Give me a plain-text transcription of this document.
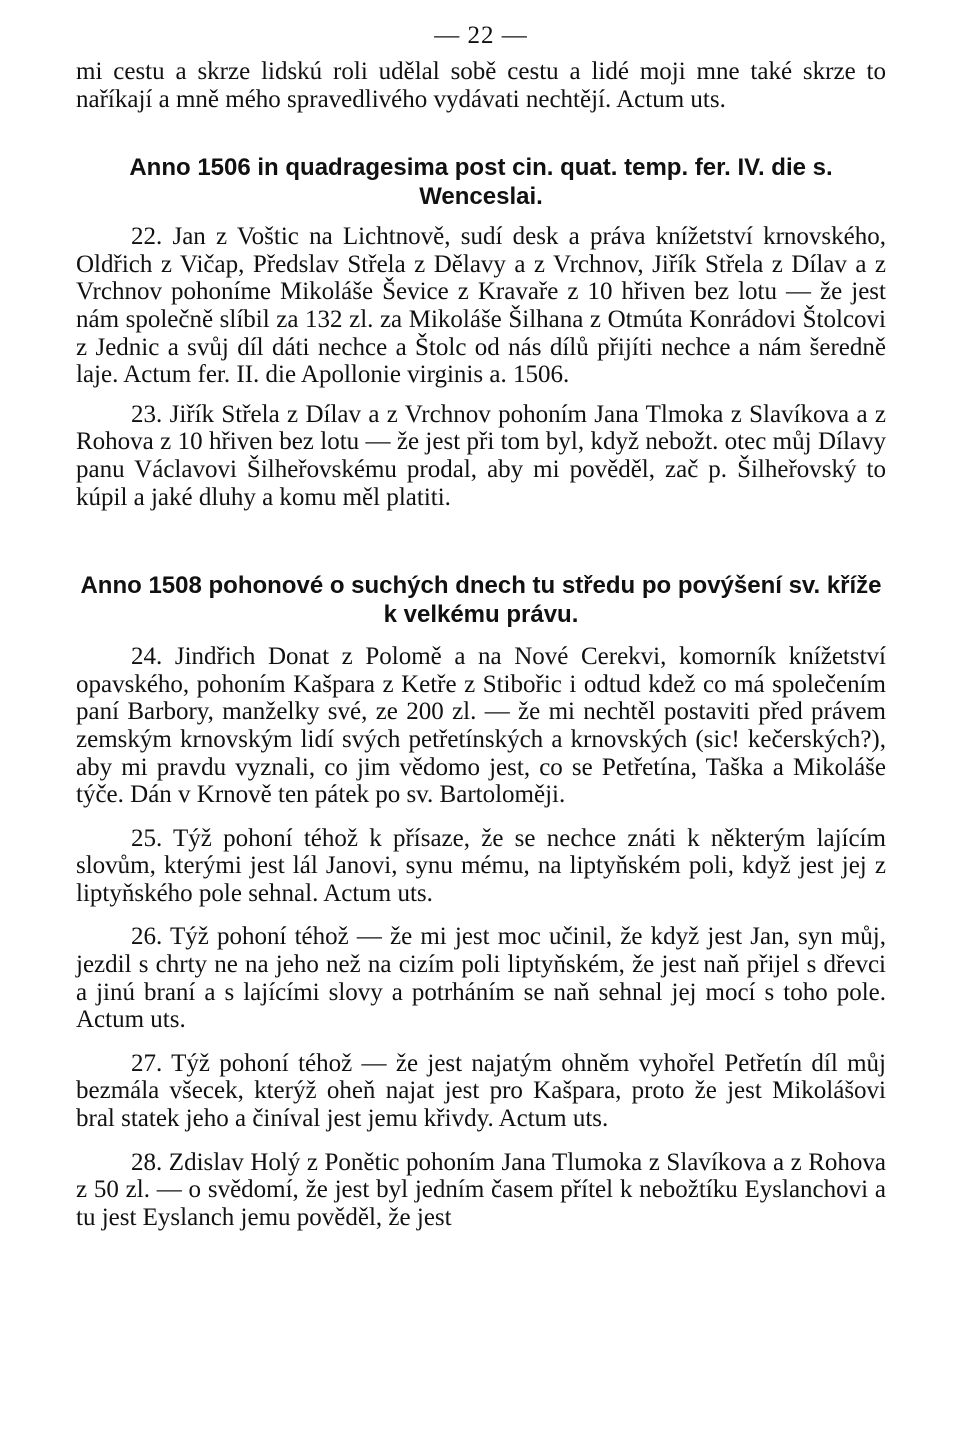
— 22 —

mi cestu a skrze lidskú roli udělal sobě cestu a lidé moji mne také skrze to naříkají a mně mého spravedlivého vydávati nechtějí. Actum uts.

Anno 1506 in quadragesima post cin. quat. temp. fer. IV. die s. Wenceslai.

22. Jan z Voštic na Lichtnově, sudí desk a práva knížetství krnovského, Oldřich z Vičap, Předslav Střela z Dělavy a z Vrchnov, Jiřík Střela z Dílav a z Vrchnov pohoníme Mikoláše Ševice z Kravaře z 10 hřiven bez lotu — že jest nám společně slíbil za 132 zl. za Mikoláše Šilhana z Otmúta Konrádovi Štolcovi z Jednic a svůj díl dáti nechce a Štolc od nás dílů přijíti nechce a nám šeredně laje. Actum fer. II. die Apollonie virginis a. 1506.

23. Jiřík Střela z Dílav a z Vrchnov pohoním Jana Tlmoka z Slavíkova a z Rohova z 10 hřiven bez lotu — že jest při tom byl, když nebožt. otec můj Dílavy panu Václavovi Šilheřovskému prodal, aby mi pověděl, zač p. Šilheřovský to kúpil a jaké dluhy a komu měl platiti.

Anno 1508 pohonové o suchých dnech tu středu po povýšení sv. kříže k velkému právu.

24. Jindřich Donat z Polomě a na Nové Cerekvi, komorník knížetství opavského, pohoním Kašpara z Ketře z Stibořic i odtud kdež co má společením paní Barbory, manželky své, ze 200 zl. — že mi nechtěl postaviti před právem zemským krnovským lidí svých petřetínských a krnovských (sic! kečerských?), aby mi pravdu vyznali, co jim vědomo jest, co se Petřetína, Taška a Mikoláše týče. Dán v Krnově ten pátek po sv. Bartoloměji.

25. Týž pohoní téhož k přísaze, že se nechce znáti k některým lajícím slovům, kterými jest lál Janovi, synu mému, na liptyňském poli, když jest jej z liptyňského pole sehnal. Actum uts.

26. Týž pohoní téhož — že mi jest moc učinil, že když jest Jan, syn můj, jezdil s chrty ne na jeho než na cizím poli liptyňském, že jest naň přijel s dřevci a jinú braní a s lajícími slovy a potrháním se naň sehnal jej mocí s toho pole. Actum uts.

27. Týž pohoní téhož — že jest najatým ohněm vyhořel Petřetín díl můj bezmála všecek, kterýž oheň najat jest pro Kašpara, proto že jest Mikolášovi bral statek jeho a činíval jest jemu křivdy. Actum uts.

28. Zdislav Holý z Ponětic pohoním Jana Tlumoka z Slavíkova a z Rohova z 50 zl. — o svědomí, že jest byl jedním časem přítel k nebožtíku Eyslanchovi a tu jest Eyslanch jemu pověděl, že jest
